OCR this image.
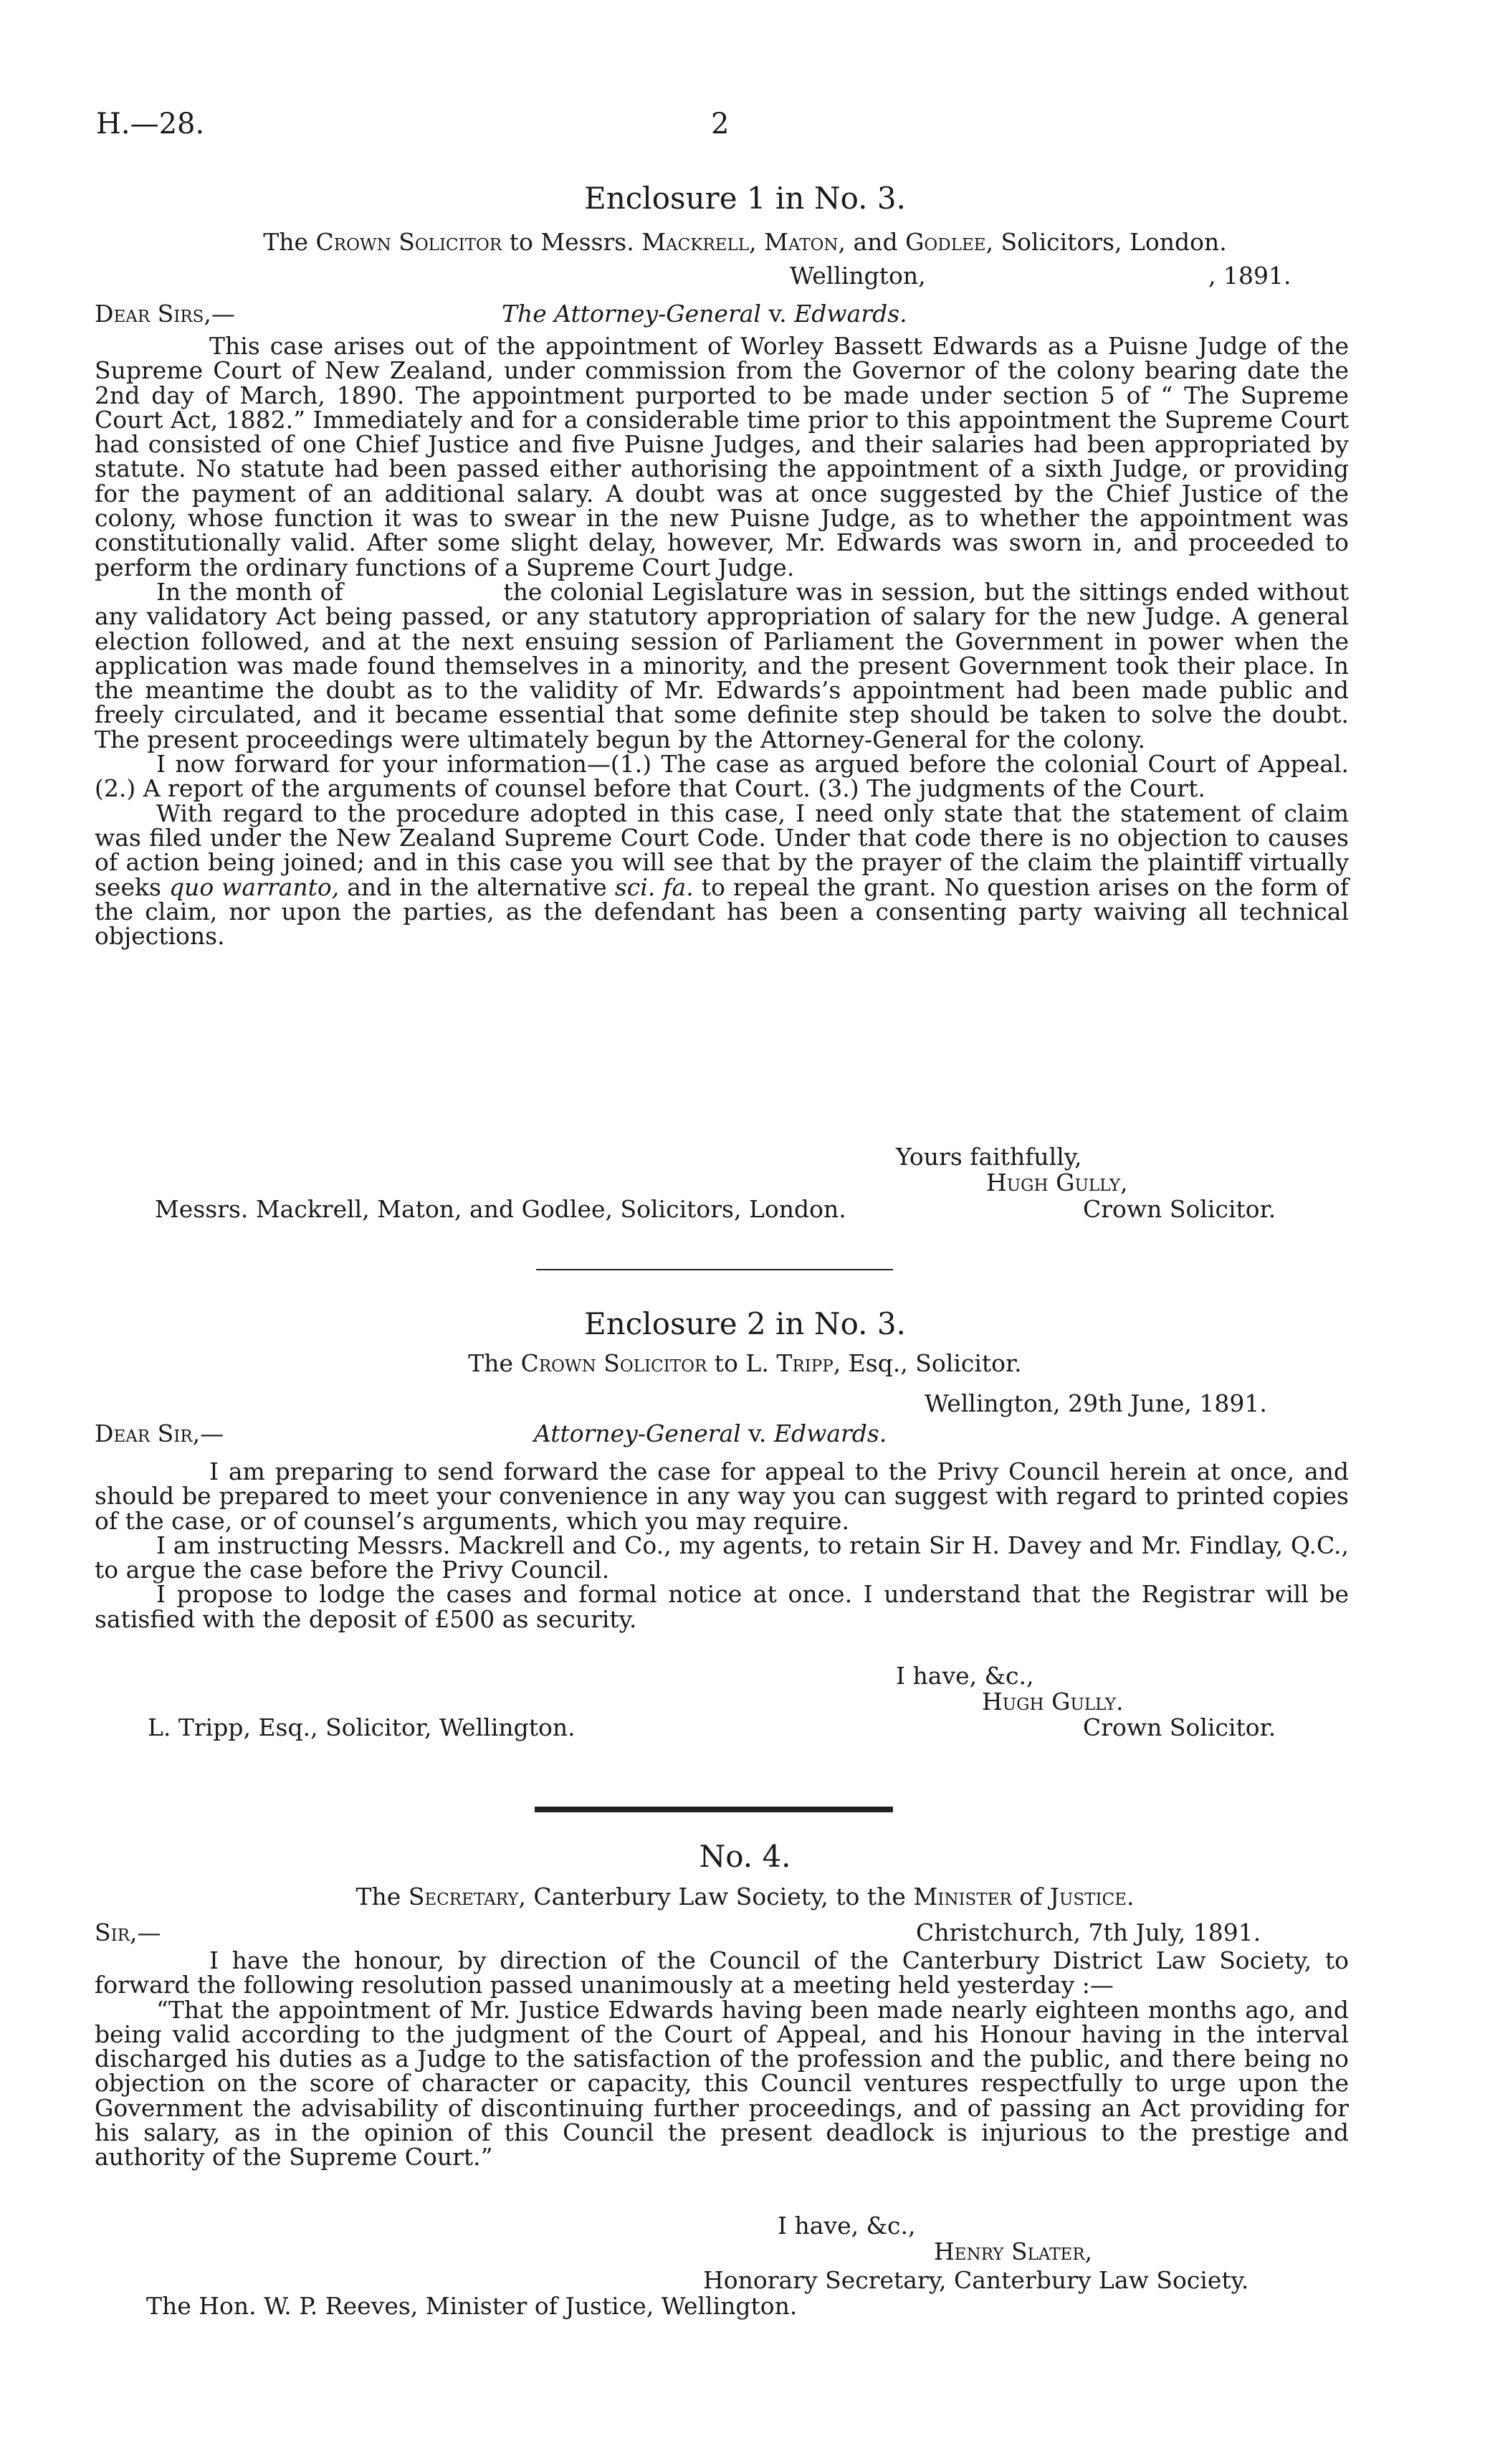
H.—28.	2
Enclosure 1 in No. 3.
The Crown Solicitor to Messrs. Mackrell, Maton, and Godlee, Solicitors, London.
Wellington,	, 1891.
Dear Sirs,—	The Attorney-General v. Edwards.

This case arises out of the appointment of Worley Bassett Edwards as a Puisne Judge of the Supreme Court of New Zealand, under commission from the Governor of the colony bearing date the 2nd day of March, 1890. The appointment purported to be made under section 5 of “ The Supreme Court Act, 1882.” Immediately and for a considerable time prior to this appointment the Supreme Court had consisted of one Chief Justice and five Puisne Judges, and their salaries had been appropriated by statute. No statute had been passed either authorising the appointment of a sixth Judge, or providing for the payment of an additional salary. A doubt was at once suggested by the Chief Justice of the colony, whose function it was to swear in the new Puisne Judge, as to whether the appointment was constitutionally valid. After some slight delay, however, Mr. Edwards was sworn in, and proceeded to perform the ordinary functions of a Supreme Court Judge.

In the month of                    the colonial Legislature was in session, but the sittings ended without any validatory Act being passed, or any statutory appropriation of salary for the new Judge. A general election followed, and at the next ensuing session of Parliament the Government in power when the application was made found themselves in a minority, and the present Government took their place. In the meantime the doubt as to the validity of Mr. Edwards’s appointment had been made public and freely circulated, and it became essential that some definite step should be taken to solve the doubt. The present proceedings were ultimately begun by the Attorney-General for the colony.

I now forward for your information—(1.) The case as argued before the colonial Court of Appeal. (2.) A report of the arguments of counsel before that Court. (3.) The judgments of the Court.

With regard to the procedure adopted in this case, I need only state that the statement of claim was filed under the New Zealand Supreme Court Code. Under that code there is no objection to causes of action being joined; and in this case you will see that by the prayer of the claim the plaintiff virtually seeks quo warranto, and in the alternative sci. fa. to repeal the grant. No question arises on the form of the claim, nor upon the parties, as the defendant has been a consenting party waiving all technical objections.

Yours faithfully,
Hugh Gully,
Messrs. Mackrell, Maton, and Godlee, Solicitors, London.	Crown Solicitor.
Enclosure 2 in No. 3.
The Crown Solicitor to L. Tripp, Esq., Solicitor.
Wellington, 29th June, 1891.
Dear Sir,—	Attorney-General v. Edwards.

I am preparing to send forward the case for appeal to the Privy Council herein at once, and should be prepared to meet your convenience in any way you can suggest with regard to printed copies of the case, or of counsel’s arguments, which you may require.

I am instructing Messrs. Mackrell and Co., my agents, to retain Sir H. Davey and Mr. Findlay, Q.C., to argue the case before the Privy Council.

I propose to lodge the cases and formal notice at once. I understand that the Registrar will be satisfied with the deposit of £500 as security.

I have, &c.,
Hugh Gully.
L. Tripp, Esq., Solicitor, Wellington.	Crown Solicitor.
No. 4.
The Secretary, Canterbury Law Society, to the Minister of Justice.
Sir,—	Christchurch, 7th July, 1891.

I have the honour, by direction of the Council of the Canterbury District Law Society, to forward the following resolution passed unanimously at a meeting held yesterday :—

“That the appointment of Mr. Justice Edwards having been made nearly eighteen months ago, and being valid according to the judgment of the Court of Appeal, and his Honour having in the interval discharged his duties as a Judge to the satisfaction of the profession and the public, and there being no objection on the score of character or capacity, this Council ventures respectfully to urge upon the Government the advisability of discontinuing further proceedings, and of passing an Act providing for his salary, as in the opinion of this Council the present deadlock is injurious to the prestige and authority of the Supreme Court.”

I have, &c.,
Henry Slater,
Honorary Secretary, Canterbury Law Society.
The Hon. W. P. Reeves, Minister of Justice, Wellington.
